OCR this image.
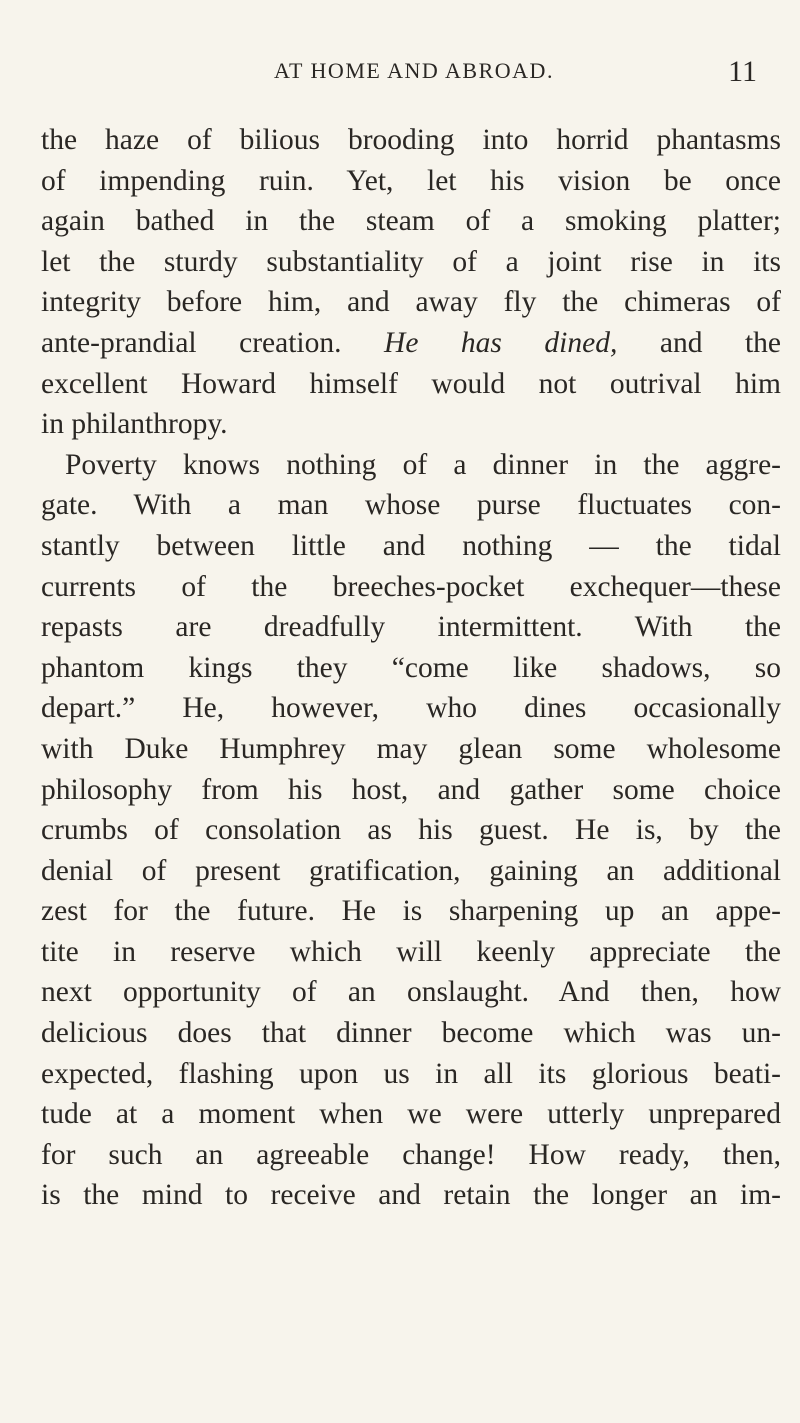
AT HOME AND ABROAD.	11
the haze of bilious brooding into horrid phantasms
of impending ruin. Yet, let his vision be once
again bathed in the steam of a smoking platter;
let the sturdy substantiality of a joint rise in its
integrity before him, and away fly the chimeras of
ante-prandial creation. He has dined, and the
excellent Howard himself would not outrival him
in philanthropy.
Poverty knows nothing of a dinner in the aggre-
gate. With a man whose purse fluctuates con-
stantly between little and nothing — the tidal
currents of the breeches-pocket exchequer—these
repasts are dreadfully intermittent. With the
phantom kings they “come like shadows, so
depart.” He, however, who dines occasionally
with Duke Humphrey may glean some wholesome
philosophy from his host, and gather some choice
crumbs of consolation as his guest. He is, by the
denial of present gratification, gaining an additional
zest for the future. He is sharpening up an appe-
tite in reserve which will keenly appreciate the
next opportunity of an onslaught. And then, how
delicious does that dinner become which was un-
expected, flashing upon us in all its glorious beati-
tude at a moment when we were utterly unprepared
for such an agreeable change! How ready, then,
is the mind to receive and retain the longer an im-
